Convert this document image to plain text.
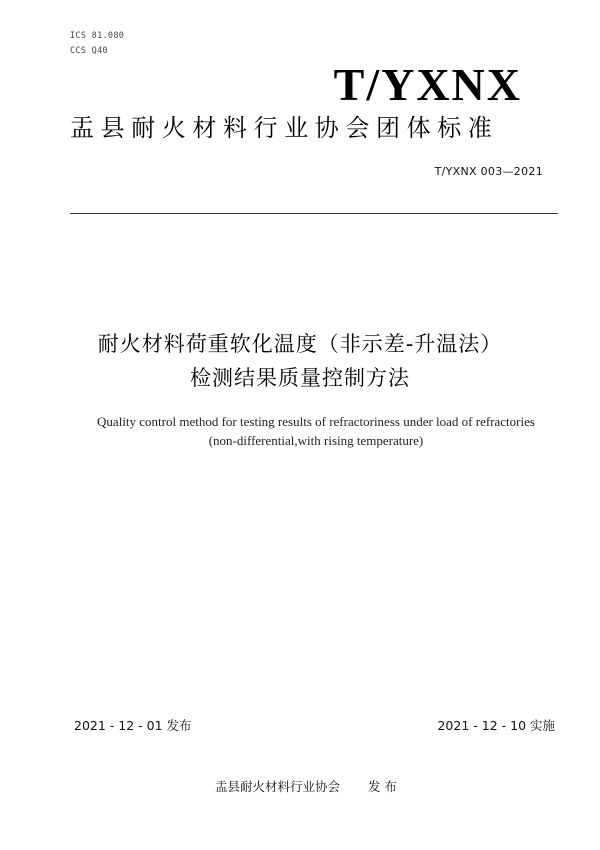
ICS 81.080
CCS Q40
T/YXNX
盂县耐火材料行业协会团体标准
T/YXNX 003—2021
耐火材料荷重软化温度（非示差-升温法）
检测结果质量控制方法
Quality control method for testing results of refractoriness under load of refractories
(non-differential,with rising temperature)
2021 - 12 - 01 发布	2021 - 12 - 10 实施
盂县耐火材料行业协会 发 布
